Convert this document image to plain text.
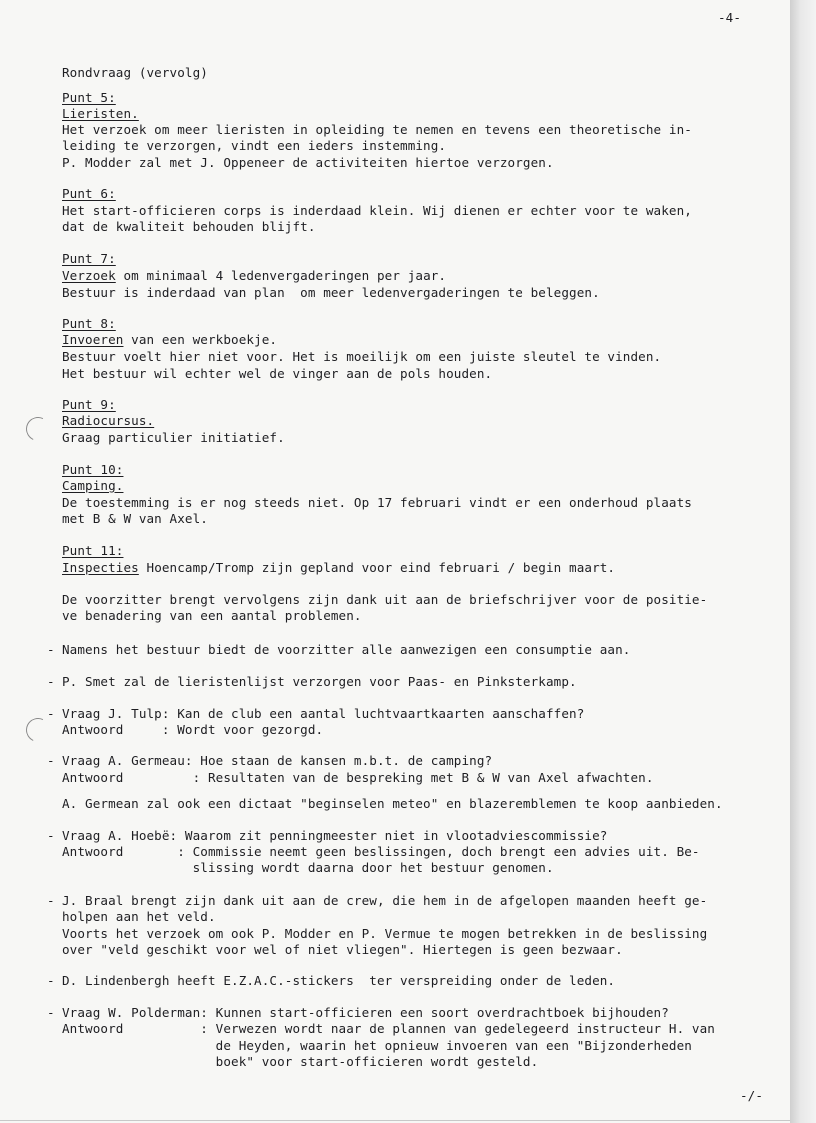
-4-
Rondvraag (vervolg)
Punt 5:
Lieristen.
Het verzoek om meer lieristen in opleiding te nemen en tevens een theoretische in-
leiding te verzorgen, vindt een ieders instemming.
P. Modder zal met J. Oppeneer de activiteiten hiertoe verzorgen.
Punt 6:
Het start-officieren corps is inderdaad klein. Wij dienen er echter voor te waken,
dat de kwaliteit behouden blijft.
Punt 7:
Verzoek om minimaal 4 ledenvergaderingen per jaar.
Bestuur is inderdaad van plan  om meer ledenvergaderingen te beleggen.
Punt 8:
Invoeren van een werkboekje.
Bestuur voelt hier niet voor. Het is moeilijk om een juiste sleutel te vinden.
Het bestuur wil echter wel de vinger aan de pols houden.
Punt 9:
Radiocursus.
Graag particulier initiatief.
Punt 10:
Camping.
De toestemming is er nog steeds niet. Op 17 februari vindt er een onderhoud plaats
met B & W van Axel.
Punt 11:
Inspecties Hoencamp/Tromp zijn gepland voor eind februari / begin maart.
De voorzitter brengt vervolgens zijn dank uit aan de briefschrijver voor de positie-
ve benadering van een aantal problemen.
- Namens het bestuur biedt de voorzitter alle aanwezigen een consumptie aan.
- P. Smet zal de lieristenlijst verzorgen voor Paas- en Pinksterkamp.
- Vraag J. Tulp: Kan de club een aantal luchtvaartkaarten aanschaffen?
Antwoord     : Wordt voor gezorgd.
- Vraag A. Germeau: Hoe staan de kansen m.b.t. de camping?
Antwoord         : Resultaten van de bespreking met B & W van Axel afwachten.
A. Germean zal ook een dictaat "beginselen meteo" en blazeremblemen te koop aanbieden.
- Vraag A. Hoebë: Waarom zit penningmeester niet in vlootadviescommissie?
Antwoord       : Commissie neemt geen beslissingen, doch brengt een advies uit. Be-
slissing wordt daarna door het bestuur genomen.
- J. Braal brengt zijn dank uit aan de crew, die hem in de afgelopen maanden heeft ge-
holpen aan het veld.
Voorts het verzoek om ook P. Modder en P. Vermue te mogen betrekken in de beslissing
over "veld geschikt voor wel of niet vliegen". Hiertegen is geen bezwaar.
- D. Lindenbergh heeft E.Z.A.C.-stickers  ter verspreiding onder de leden.
- Vraag W. Polderman: Kunnen start-officieren een soort overdrachtboek bijhouden?
Antwoord          : Verwezen wordt naar de plannen van gedelegeerd instructeur H. van
de Heyden, waarin het opnieuw invoeren van een "Bijzonderheden
boek" voor start-officieren wordt gesteld.
-/-
